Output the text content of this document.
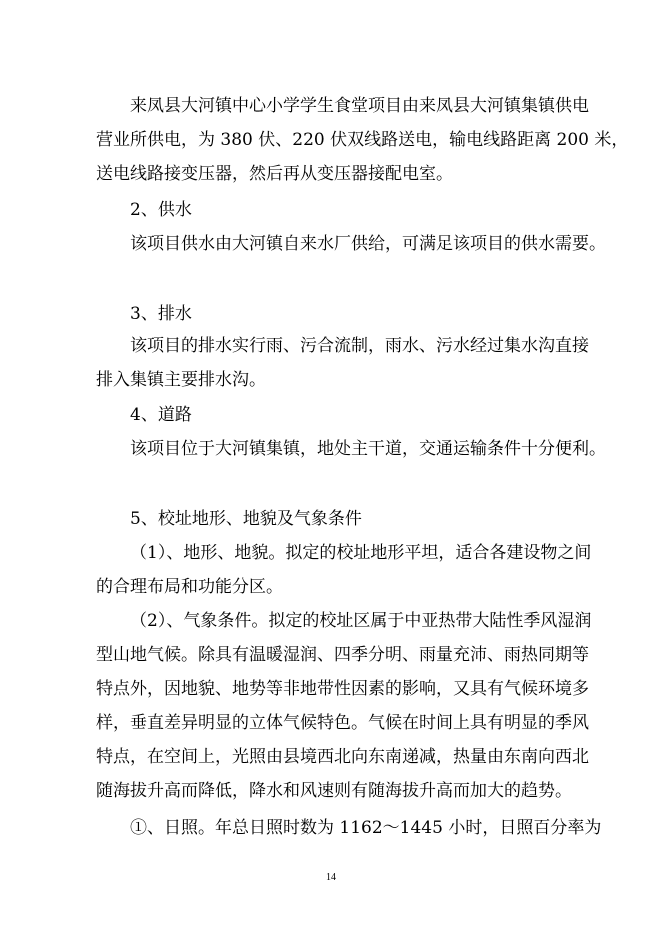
来凤县大河镇中心小学学生食堂项目由来凤县大河镇集镇供电
营业所供电，为 380 伏、220 伏双线路送电，输电线路距离 200 米，
送电线路接变压器，然后再从变压器接配电室。
2、供水
该项目供水由大河镇自来水厂供给，可满足该项目的供水需要。
3、排水
该项目的排水实行雨、污合流制，雨水、污水经过集水沟直接
排入集镇主要排水沟。
4、道路
该项目位于大河镇集镇，地处主干道，交通运输条件十分便利。
5、校址地形、地貌及气象条件
（1）、地形、地貌。拟定的校址地形平坦，适合各建设物之间
的合理布局和功能分区。
（2）、气象条件。拟定的校址区属于中亚热带大陆性季风湿润
型山地气候。除具有温暖湿润、四季分明、雨量充沛、雨热同期等
特点外，因地貌、地势等非地带性因素的影响，又具有气候环境多
样，垂直差异明显的立体气候特色。气候在时间上具有明显的季风
特点，在空间上，光照由县境西北向东南递减，热量由东南向西北
随海拔升高而降低，降水和风速则有随海拔升高而加大的趋势。
①、日照。年总日照时数为 1162～1445 小时，日照百分率为
14
